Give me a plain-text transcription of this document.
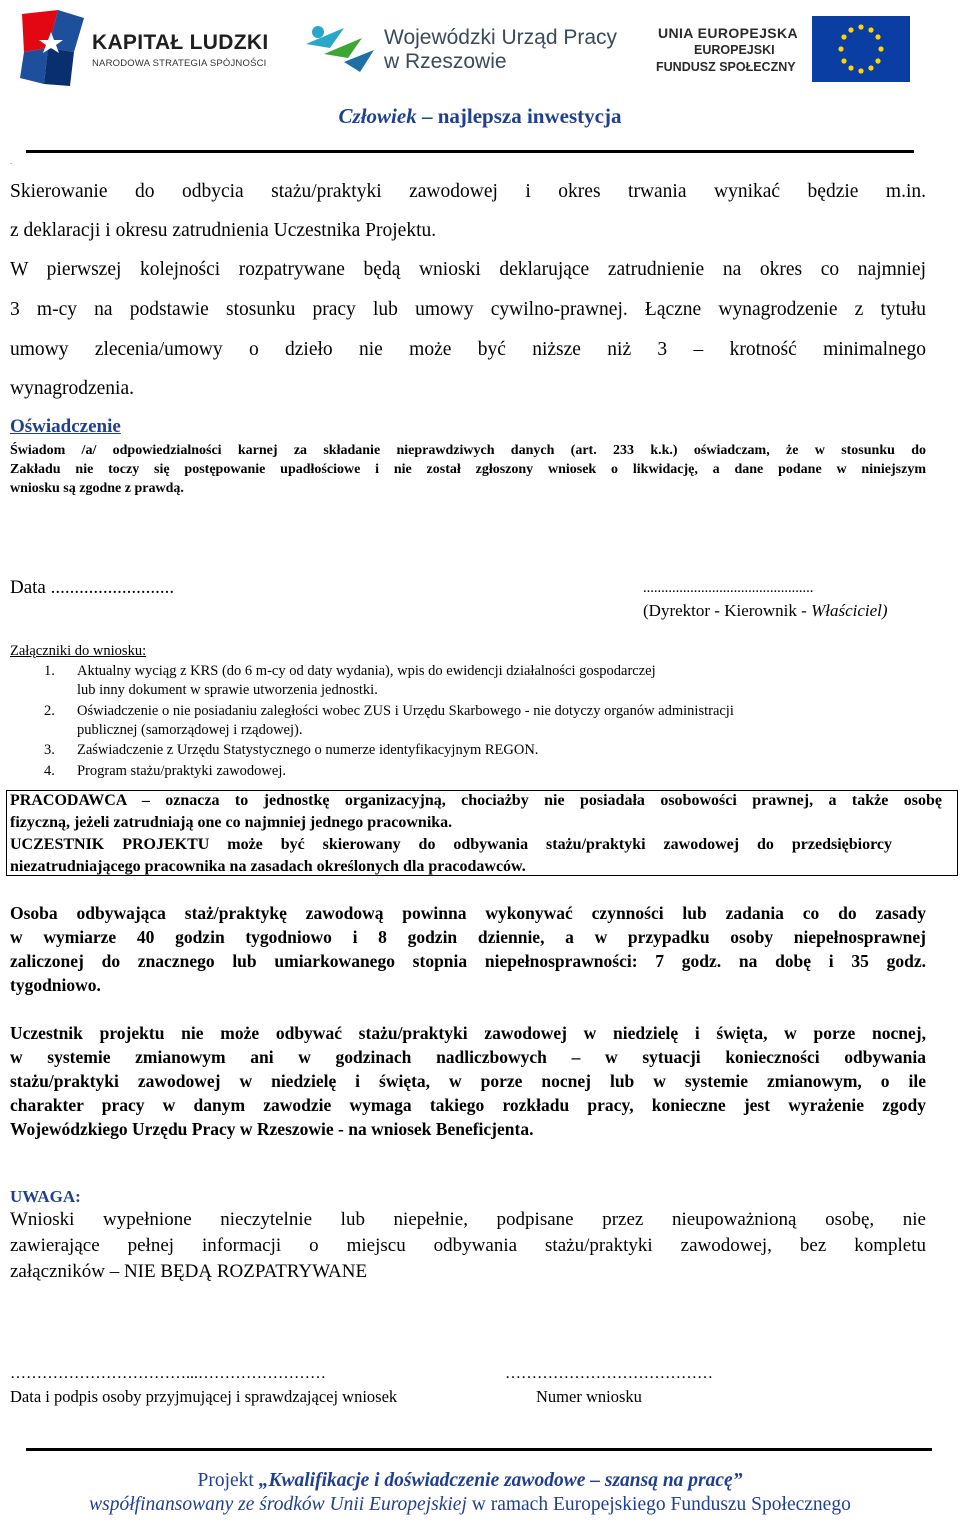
KAPITAŁ LUDZKI
NARODOWA STRATEGIA SPÓJNOŚCI
Wojewódzki Urząd Pracy
w Rzeszowie
UNIA EUROPEJSKA
EUROPEJSKI
FUNDUSZ SPOŁECZNY
Człowiek – najlepsza inwestycja
.
Skierowanie do odbycia stażu/praktyki zawodowej i okres trwania wynikać będzie m.in.
z deklaracji i okresu zatrudnienia Uczestnika Projektu.
W pierwszej kolejności rozpatrywane będą wnioski deklarujące zatrudnienie na okres co najmniej
3 m-cy na podstawie stosunku pracy lub umowy cywilno-prawnej. Łączne wynagrodzenie z tytułu
umowy zlecenia/umowy o dzieło nie może być niższe niż 3 – krotność minimalnego
wynagrodzenia.
Oświadczenie
Świadom /a/ odpowiedzialności karnej za składanie nieprawdziwych danych (art. 233 k.k.) oświadczam, że w stosunku do
Zakładu nie toczy się postępowanie upadłościowe i nie został zgłoszony wniosek o likwidację, a dane podane w niniejszym
wniosku są zgodne z prawdą.
Data ..........................	...............................................
(Dyrektor - Kierownik - Właściciel)
Załączniki do wniosku:
1. Aktualny wyciąg z KRS (do 6 m-cy od daty wydania), wpis do ewidencji działalności gospodarczej
lub inny dokument w sprawie utworzenia jednostki.
2. Oświadczenie o nie posiadaniu zaległości wobec ZUS i Urzędu Skarbowego - nie dotyczy organów administracji
publicznej (samorządowej i rządowej).
3. Zaświadczenie z Urzędu Statystycznego o numerze identyfikacyjnym REGON.
4. Program stażu/praktyki zawodowej.
PRACODAWCA – oznacza to jednostkę organizacyjną, chociażby nie posiadała osobowości prawnej, a także osobę
fizyczną, jeżeli zatrudniają one co najmniej jednego pracownika.
UCZESTNIK PROJEKTU może być skierowany do odbywania stażu/praktyki zawodowej do przedsiębiorcy
niezatrudniającego pracownika na zasadach określonych dla pracodawców.
Osoba odbywająca staż/praktykę zawodową powinna wykonywać czynności lub zadania co do zasady
w wymiarze 40 godzin tygodniowo i 8 godzin dziennie, a w przypadku osoby niepełnosprawnej
zaliczonej do znacznego lub umiarkowanego stopnia niepełnosprawności: 7 godz. na dobę i 35 godz.
tygodniowo.
Uczestnik projektu nie może odbywać stażu/praktyki zawodowej w niedzielę i święta, w porze nocnej,
w systemie zmianowym ani w godzinach nadliczbowych – w sytuacji konieczności odbywania
stażu/praktyki zawodowej w niedzielę i święta, w porze nocnej lub w systemie zmianowym, o ile
charakter pracy w danym zawodzie wymaga takiego rozkładu pracy, konieczne jest wyrażenie zgody
Wojewódzkiego Urzędu Pracy w Rzeszowie - na wniosek Beneficjenta.
UWAGA:
Wnioski wypełnione nieczytelnie lub niepełnie, podpisane przez nieupoważnioną osobę, nie
zawierające pełnej informacji o miejscu odbywania stażu/praktyki zawodowej, bez kompletu
załączników – NIE BĘDĄ ROZPATRYWANE
……………………………...……………………
Data i podpis osoby przyjmującej i sprawdzającej wniosek
…………………………………
Numer wniosku
Projekt „Kwalifikacje i doświadczenie zawodowe – szansą na pracę”
współfinansowany ze środków Unii Europejskiej w ramach Europejskiego Funduszu Społecznego
